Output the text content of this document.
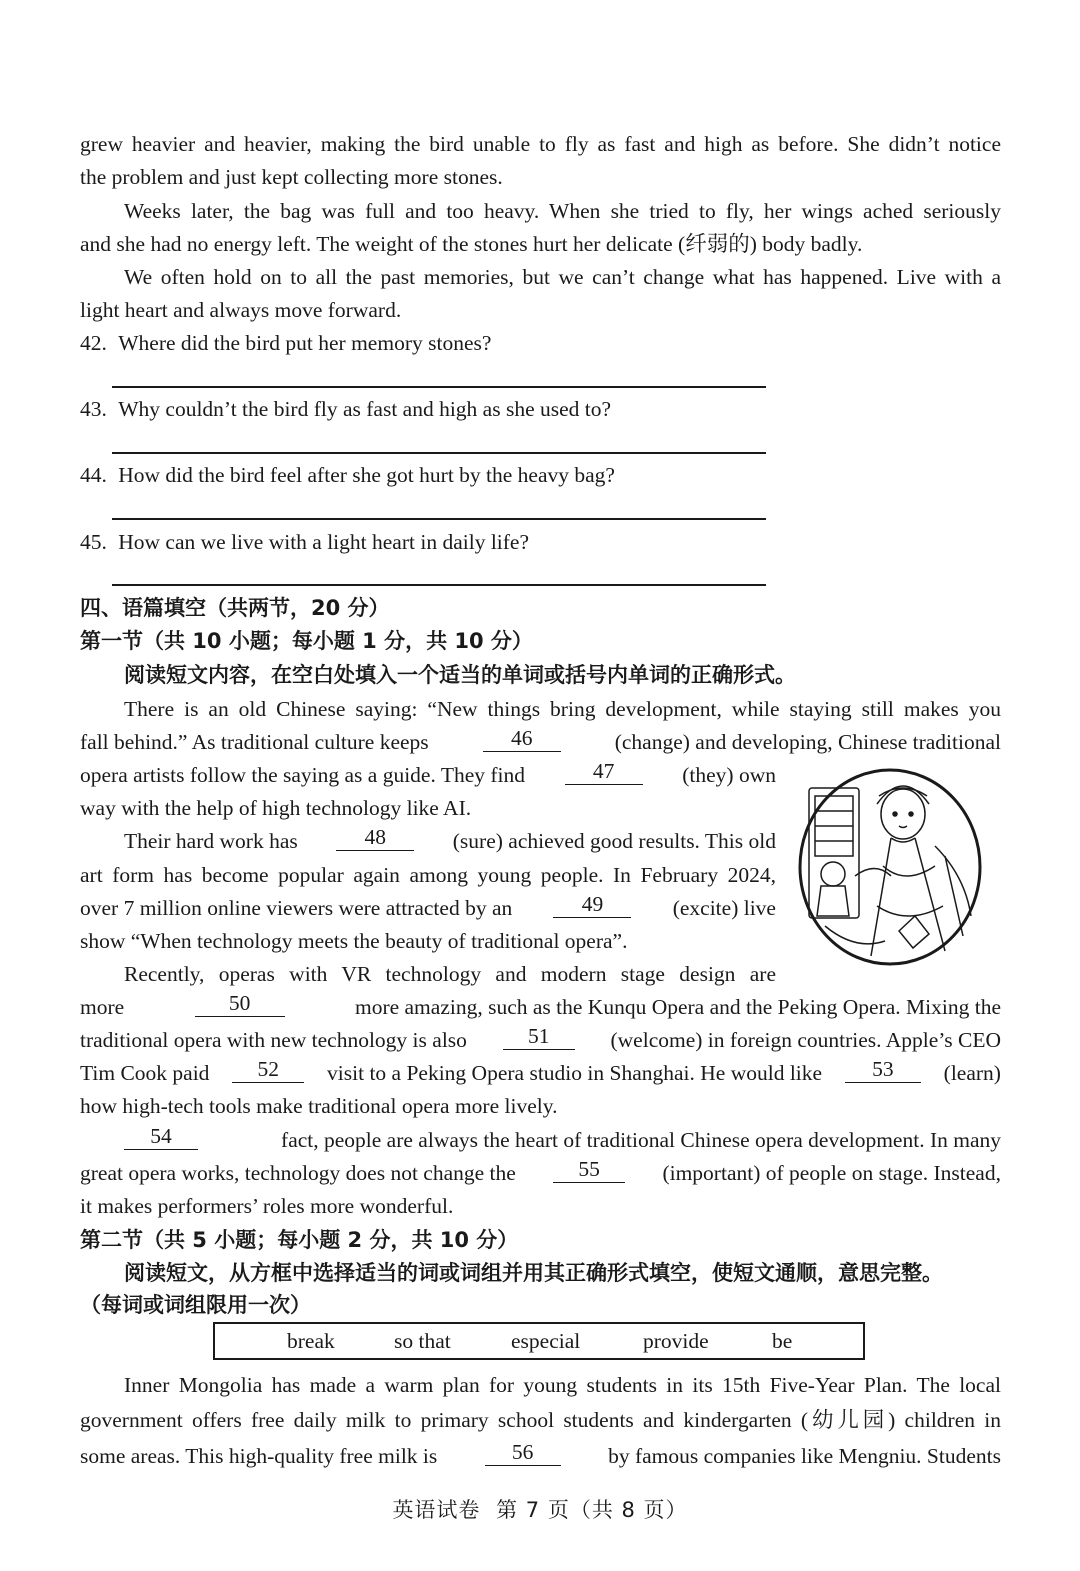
grew heavier and heavier, making the bird unable to fly as fast and high as before. She didn’t notice
the problem and just kept collecting more stones.
Weeks later, the bag was full and too heavy. When she tried to fly, her wings ached seriously
and she had no energy left. The weight of the stones hurt her delicate (纤弱的) body badly.
We often hold on to all the past memories, but we can’t change what has happened. Live with a
light heart and always move forward.
42. Where did the bird put her memory stones?
43. Why couldn’t the bird fly as fast and high as she used to?
44. How did the bird feel after she got hurt by the heavy bag?
45. How can we live with a light heart in daily life?
四、语篇填空（共两节，20 分）
第一节（共 10 小题；每小题 1 分，共 10 分）
阅读短文内容，在空白处填入一个适当的单词或括号内单词的正确形式。
There is an old Chinese saying: “New things bring development, while staying still makes you
fall behind.” As traditional culture keeps	46	(change) and developing, Chinese traditional
opera artists follow the saying as a guide. They find	47	(they) own
way with the help of high technology like AI.
Their hard work has	48	(sure) achieved good results. This old
art form has become popular again among young people. In February 2024,
over 7 million online viewers were attracted by an	49	(excite) live
show “When technology meets the beauty of traditional opera”.
Recently, operas with VR technology and modern stage design are
more	50	more amazing, such as the Kunqu Opera and the Peking Opera. Mixing the
traditional opera with new technology is also	51	(welcome) in foreign countries. Apple’s CEO
Tim Cook paid	52	visit to a Peking Opera studio in Shanghai. He would like	53	(learn)
how high-tech tools make traditional opera more lively.
54	fact, people are always the heart of traditional Chinese opera development. In many
great opera works, technology does not change the	55	(important) of people on stage. Instead,
it makes performers’ roles more wonderful.
第二节（共 5 小题；每小题 2 分，共 10 分）
阅读短文，从方框中选择适当的词或词组并用其正确形式填空，使短文通顺，意思完整。
（每词或词组限用一次）
break	so that	especial	provide	be
Inner Mongolia has made a warm plan for young students in its 15th Five-Year Plan. The local
government offers free daily milk to primary school students and kindergarten (幼儿园) children in
some areas. This high-quality free milk is	56	by famous companies like Mengniu. Students
英语试卷 第 7 页（共 8 页）
